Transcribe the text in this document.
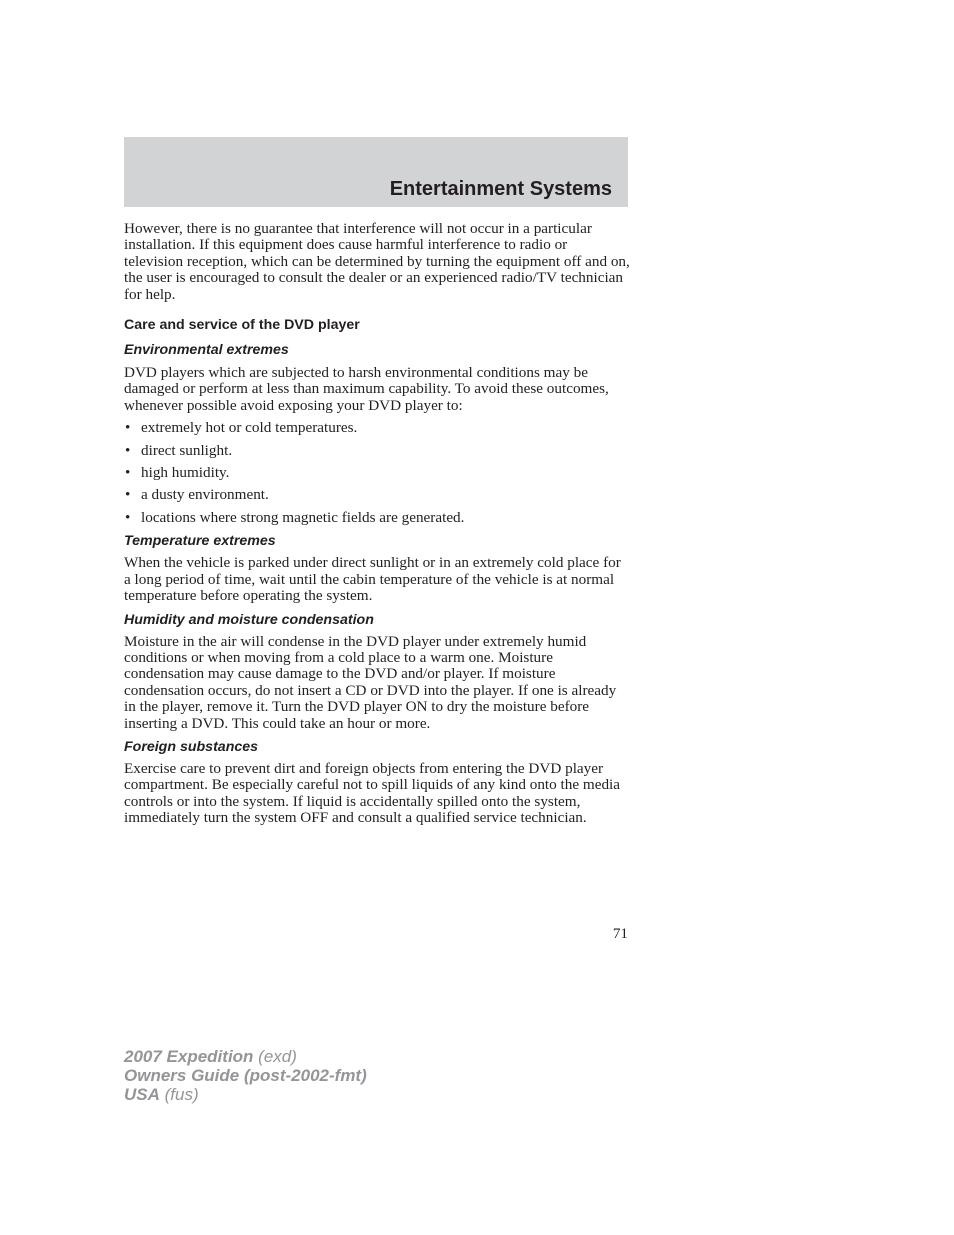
Entertainment Systems

However, there is no guarantee that interference will not occur in a particular installation. If this equipment does cause harmful interference to radio or television reception, which can be determined by turning the equipment off and on, the user is encouraged to consult the dealer or an experienced radio/TV technician for help.

Care and service of the DVD player
Environmental extremes

DVD players which are subjected to harsh environmental conditions may be damaged or perform at less than maximum capability. To avoid these outcomes, whenever possible avoid exposing your DVD player to:

• extremely hot or cold temperatures.
• direct sunlight.
• high humidity.
• a dusty environment.
• locations where strong magnetic fields are generated.
Temperature extremes

When the vehicle is parked under direct sunlight or in an extremely cold place for a long period of time, wait until the cabin temperature of the vehicle is at normal temperature before operating the system.

Humidity and moisture condensation

Moisture in the air will condense in the DVD player under extremely humid conditions or when moving from a cold place to a warm one. Moisture condensation may cause damage to the DVD and/or player. If moisture condensation occurs, do not insert a CD or DVD into the player. If one is already in the player, remove it. Turn the DVD player ON to dry the moisture before inserting a DVD. This could take an hour or more.

Foreign substances

Exercise care to prevent dirt and foreign objects from entering the DVD player compartment. Be especially careful not to spill liquids of any kind onto the media controls or into the system. If liquid is accidentally spilled onto the system, immediately turn the system OFF and consult a qualified service technician.

71
2007 Expedition (exd)
Owners Guide (post-2002-fmt)
USA (fus)
